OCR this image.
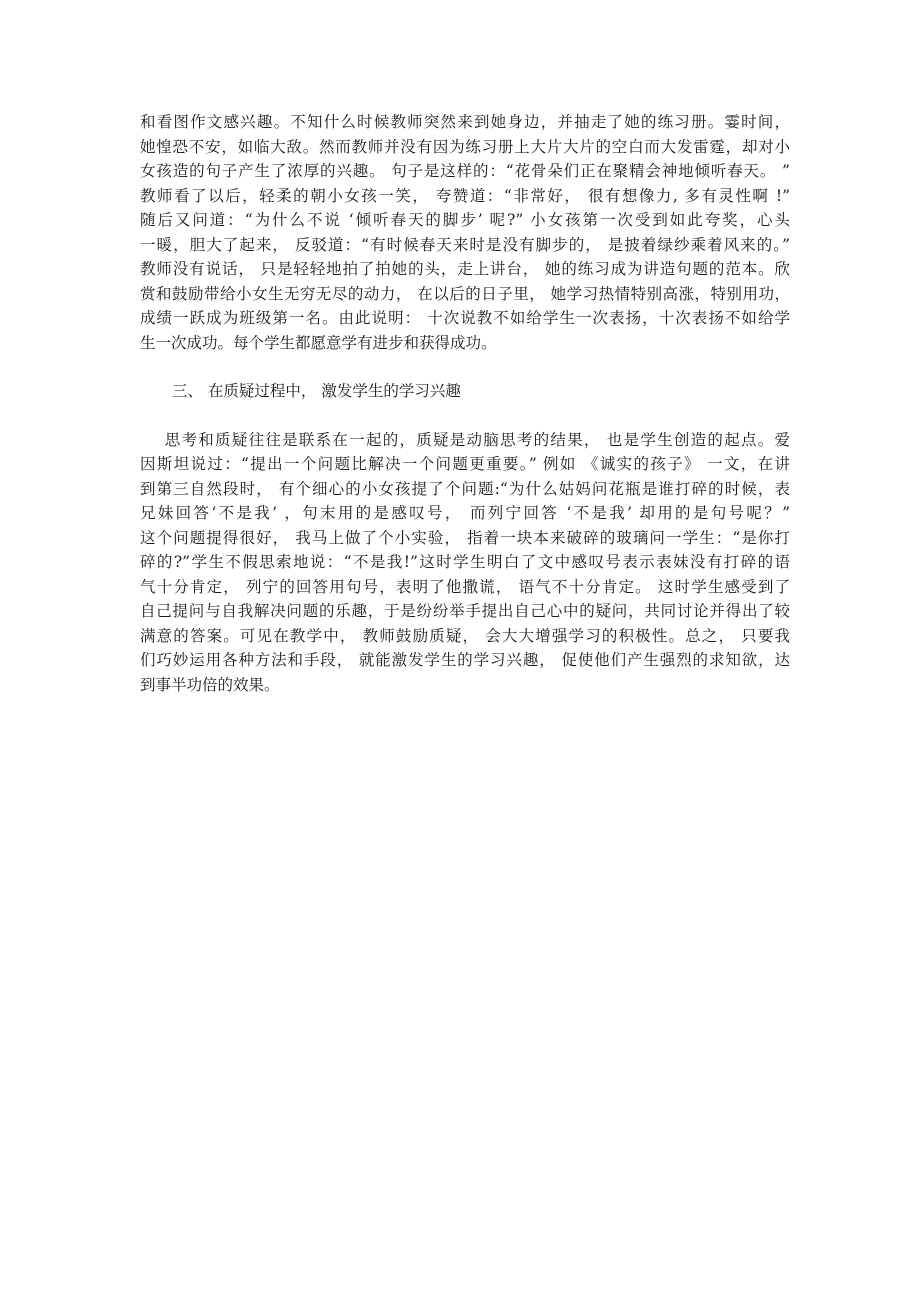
和看图作文感兴趣。不知什么时候教师突然来到她身边，并抽走了她的练习册。霎时间，
她惶恐不安，如临大敌。然而教师并没有因为练习册上大片大片的空白而大发雷霆，却对小
女孩造的句子产生了浓厚的兴趣。 句子是这样的：“花骨朵们正在聚精会神地倾听春天。 ”
教师看了以后，轻柔的朝小女孩一笑， 夸赞道：“非常好， 很有想像力, 多有灵性啊 !”
随后又问道：“为什么不说 ‘倾听春天的脚步’ 呢?” 小女孩第一次受到如此夸奖，心头
一暖，胆大了起来， 反驳道：“有时候春天来时是没有脚步的， 是披着绿纱乘着风来的。”
教师没有说话， 只是轻轻地拍了拍她的头，走上讲台， 她的练习成为讲造句题的范本。欣
赏和鼓励带给小女生无穷无尽的动力， 在以后的日子里， 她学习热情特别高涨，特别用功，
成绩一跃成为班级第一名。由此说明： 十次说教不如给学生一次表扬，十次表扬不如给学
生一次成功。每个学生都愿意学有进步和获得成功。
三、 在质疑过程中， 激发学生的学习兴趣
思考和质疑往往是联系在一起的，质疑是动脑思考的结果， 也是学生创造的起点。爱
因斯坦说过：“提出一个问题比解决一个问题更重要。” 例如 《诚实的孩子》 一文，在讲
到第三自然段时， 有个细心的小女孩提了个问题:“为什么姑妈问花瓶是谁打碎的时候，表
兄妹回答‘不是我’ ，句末用的是感叹号， 而列宁回答 ‘不是我’ 却用的是句号呢？”
这个问题提得很好， 我马上做了个小实验， 指着一块本来破碎的玻璃问一学生：“是你打
碎的?”学生不假思索地说：“不是我!”这时学生明白了文中感叹号表示表妹没有打碎的语
气十分肯定， 列宁的回答用句号，表明了他撒谎， 语气不十分肯定。 这时学生感受到了
自己提问与自我解决问题的乐趣，于是纷纷举手提出自己心中的疑问，共同讨论并得出了较
满意的答案。可见在教学中， 教师鼓励质疑， 会大大增强学习的积极性。总之， 只要我
们巧妙运用各种方法和手段， 就能激发学生的学习兴趣， 促使他们产生强烈的求知欲，达
到事半功倍的效果。
